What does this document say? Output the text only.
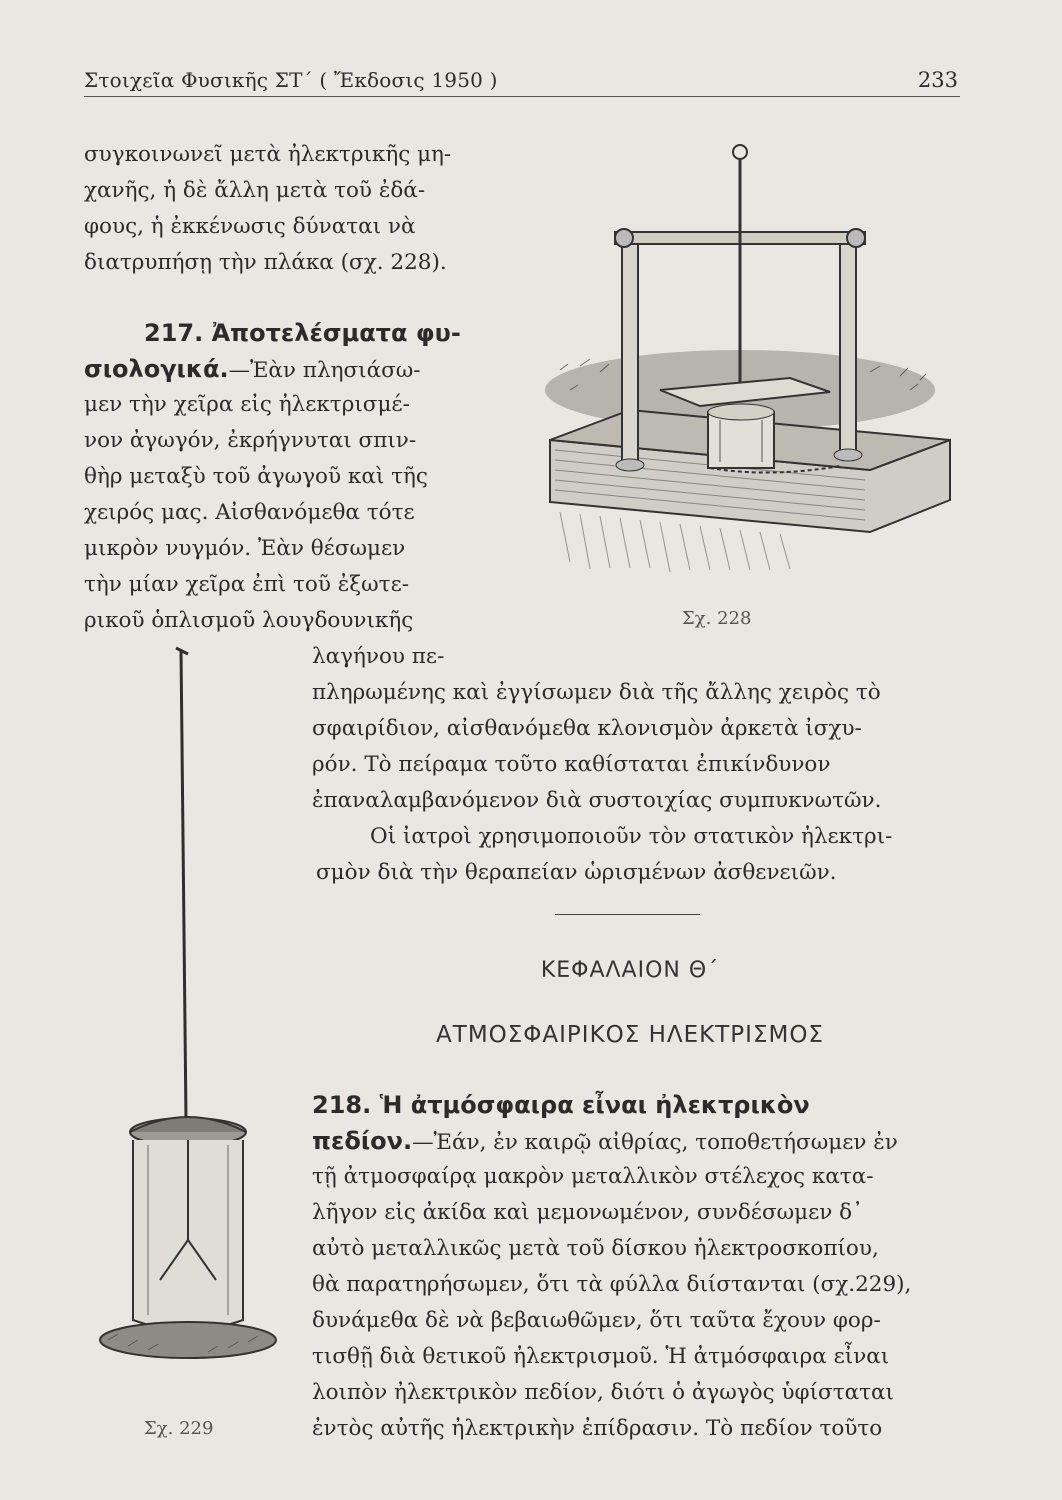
Στοιχεῖα Φυσικῆς ΣΤ΄ ( Ἔκδοσις 1950 )	233
συγκοινωνεῖ μετὰ ἠλεκτρικῆς μη-
χανῆς, ἡ δὲ ἄλλη μετὰ τοῦ ἐδά-
φους, ἡ ἐκκένωσις δύναται νὰ
διατρυπήσῃ τὴν πλάκα (σχ. 228).
217. Ἀποτελέσματα φυ-
σιολογικά.—Ἐὰν πλησιάσω-
μεν τὴν χεῖρα εἰς ἠλεκτρισμέ-
νον ἀγωγόν, ἐκρήγνυται σπιν-
θὴρ μεταξὺ τοῦ ἀγωγοῦ καὶ τῆς
χειρός μας. Αἰσθανόμεθα τότε
μικρὸν νυγμόν. Ἐὰν θέσωμεν
τὴν μίαν χεῖρα ἐπὶ τοῦ ἐξωτε-
ρικοῦ ὁπλισμοῦ λουγδουνικῆς
λαγήνου πε-
πληρωμένης καὶ ἐγγίσωμεν διὰ τῆς ἄλλης χειρὸς τὸ
σφαιρίδιον, αἰσθανόμεθα κλονισμὸν ἀρκετὰ ἰσχυ-
ρόν. Τὸ πείραμα τοῦτο καθίσταται ἐπικίνδυνον
ἐπαναλαμβανόμενον διὰ συστοιχίας συμπυκνωτῶν.
Οἱ ἰατροὶ χρησιμοποιοῦν τὸν στατικὸν ἠλεκτρι-
σμὸν διὰ τὴν θεραπείαν ὡρισμένων ἀσθενειῶν.
ΚΕΦΑΛΑΙΟΝ Θ΄
ΑΤΜΟΣΦΑΙΡΙΚΟΣ ΗΛΕΚΤΡΙΣΜΟΣ
218. Ἡ ἀτμόσφαιρα εἶναι ἠλεκτρικὸν
πεδίον.—Ἐάν, ἐν καιρῷ αἰθρίας, τοποθετήσωμεν ἐν
τῇ ἀτμοσφαίρᾳ μακρὸν μεταλλικὸν στέλεχος κατα-
λῆγον εἰς ἀκίδα καὶ μεμονωμένον, συνδέσωμεν δ᾽
αὐτὸ μεταλλικῶς μετὰ τοῦ δίσκου ἠλεκτροσκοπίου,
θὰ παρατηρήσωμεν, ὅτι τὰ φύλλα διίστανται (σχ.229),
δυνάμεθα δὲ νὰ βεβαιωθῶμεν, ὅτι ταῦτα ἔχουν φορ-
τισθῇ διὰ θετικοῦ ἠλεκτρισμοῦ. Ἡ ἀτμόσφαιρα εἶναι
λοιπὸν ἠλεκτρικὸν πεδίον, διότι ὁ ἀγωγὸς ὑφίσταται
ἐντὸς αὐτῆς ἠλεκτρικὴν ἐπίδρασιν. Τὸ πεδίον τοῦτο
Σχ. 228
Σχ. 229
